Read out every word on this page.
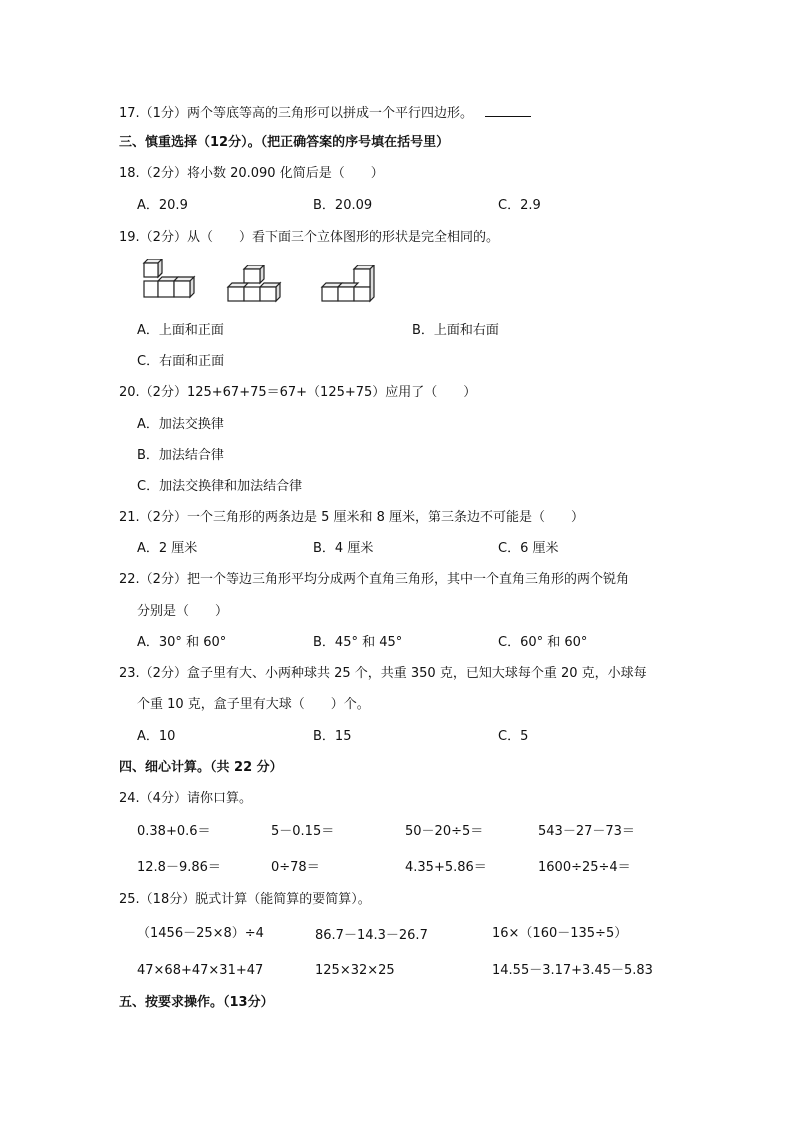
17.（1分）两个等底等高的三角形可以拼成一个平行四边形。
三、慎重选择（12分）。（把正确答案的序号填在括号里）
18.（2分）将小数 20.090 化简后是（　　）
A．20.9	B．20.09	C．2.9
19.（2分）从（　　）看下面三个立体图形的形状是完全相同的。
A．上面和正面	B．上面和右面
C．右面和正面
20.（2分）125+67+75＝67+（125+75）应用了（　　）
A．加法交换律
B．加法结合律
C．加法交换律和加法结合律
21.（2分）一个三角形的两条边是 5 厘米和 8 厘米，第三条边不可能是（　　）
A．2 厘米	B．4 厘米	C．6 厘米
22.（2分）把一个等边三角形平均分成两个直角三角形，其中一个直角三角形的两个锐角
分别是（　　）
A．30° 和 60°	B．45° 和 45°	C．60° 和 60°
23.（2分）盒子里有大、小两种球共 25 个，共重 350 克，已知大球每个重 20 克，小球每
个重 10 克，盒子里有大球（　　）个。
A．10	B．15	C．5
四、细心计算。（共 22 分）
24.（4分）请你口算。
0.38+0.6＝	5－0.15＝	50－20÷5＝	543－27－73＝
12.8－9.86＝	0÷78＝	4.35+5.86＝	1600÷25÷4＝
25.（18分）脱式计算（能简算的要简算）。
（1456－25×8）÷4	86.7－14.3－26.7	16×（160－135÷5）
47×68+47×31+47	125×32×25	14.55－3.17+3.45－5.83
五、按要求操作。（13分）
